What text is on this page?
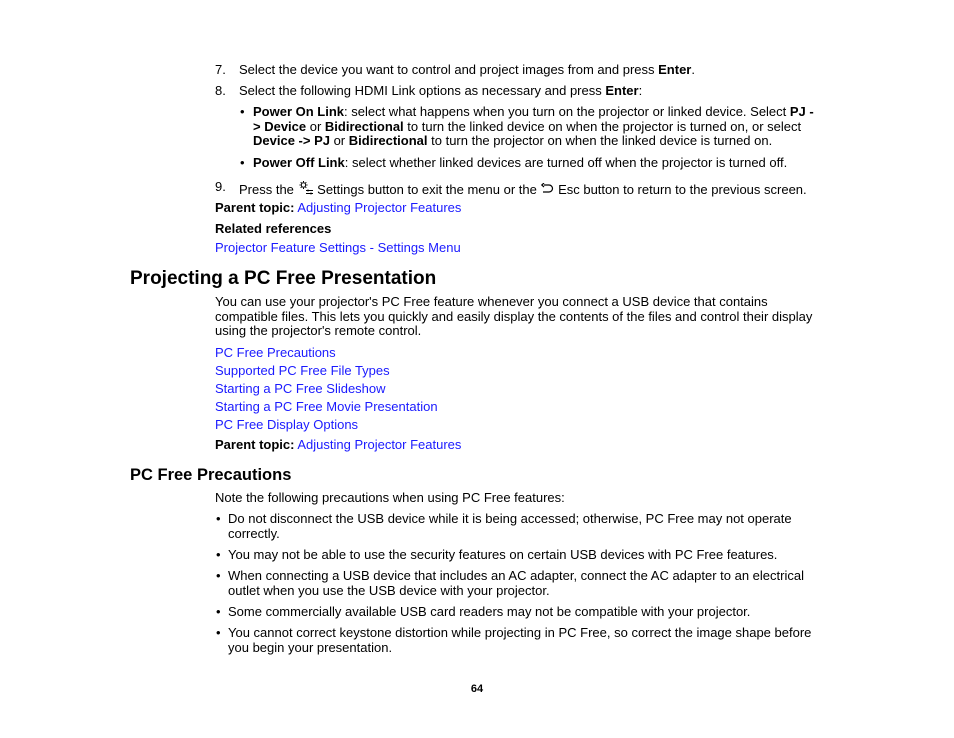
7. Select the device you want to control and project images from and press Enter.
8. Select the following HDMI Link options as necessary and press Enter:
• Power On Link: select what happens when you turn on the projector or linked device. Select PJ -
> Device or Bidirectional to turn the linked device on when the projector is turned on, or select
Device -> PJ or Bidirectional to turn the projector on when the linked device is turned on.
• Power Off Link: select whether linked devices are turned off when the projector is turned off.
9. Press the  Settings button to exit the menu or the  Esc button to return to the previous screen.
Parent topic: Adjusting Projector Features
Related references
Projector Feature Settings - Settings Menu
Projecting a PC Free Presentation
You can use your projector's PC Free feature whenever you connect a USB device that contains
compatible files. This lets you quickly and easily display the contents of the files and control their display
using the projector's remote control.
PC Free Precautions
Supported PC Free File Types
Starting a PC Free Slideshow
Starting a PC Free Movie Presentation
PC Free Display Options
Parent topic: Adjusting Projector Features
PC Free Precautions
Note the following precautions when using PC Free features:
• Do not disconnect the USB device while it is being accessed; otherwise, PC Free may not operate
correctly.
• You may not be able to use the security features on certain USB devices with PC Free features.
• When connecting a USB device that includes an AC adapter, connect the AC adapter to an electrical
outlet when you use the USB device with your projector.
• Some commercially available USB card readers may not be compatible with your projector.
• You cannot correct keystone distortion while projecting in PC Free, so correct the image shape before
you begin your presentation.
64
